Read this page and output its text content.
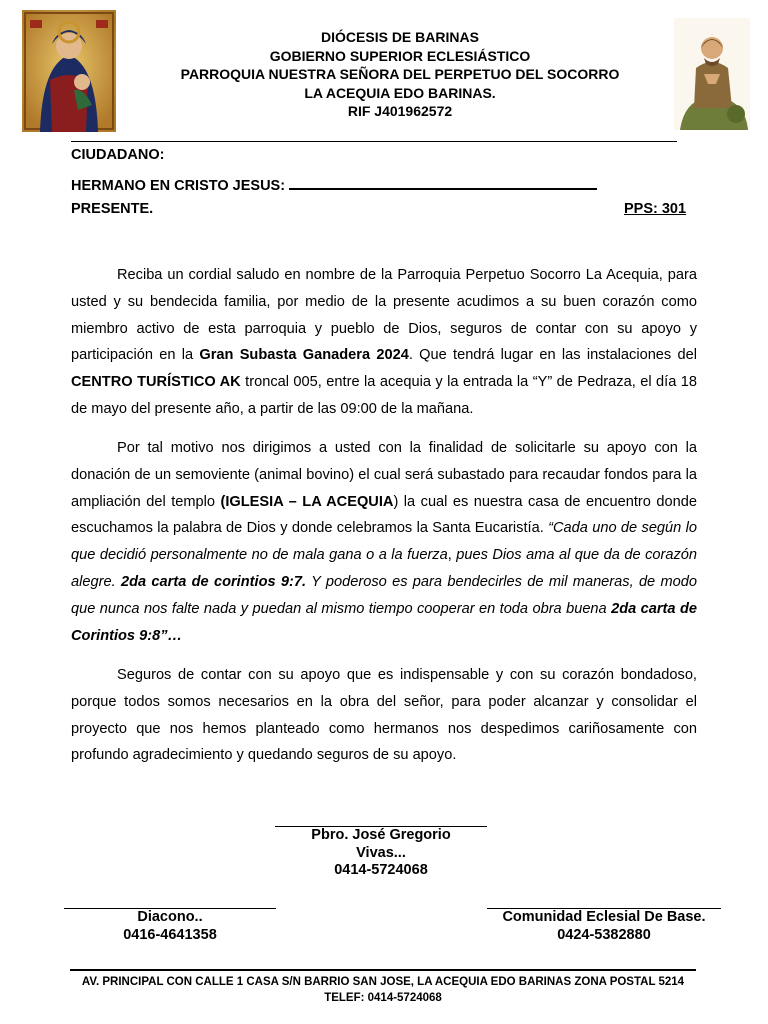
DIÓCESIS DE BARINAS
GOBIERNO SUPERIOR ECLESIÁSTICO
PARROQUIA NUESTRA SEÑORA DEL PERPETUO DEL SOCORRO
LA ACEQUIA EDO BARINAS.
RIF J401962572
CIUDADANO:
HERMANO EN CRISTO JESUS:
PRESENTE.	PPS: 301
Reciba un cordial saludo en nombre de la Parroquia Perpetuo Socorro La Acequia, para usted y su bendecida familia, por medio de la presente acudimos a su buen corazón como miembro activo de esta parroquia y pueblo de Dios, seguros de contar con su apoyo y participación en la Gran Subasta Ganadera 2024. Que tendrá lugar en las instalaciones del CENTRO TURÍSTICO AK troncal 005, entre la acequia y la entrada la “Y” de Pedraza, el día 18 de mayo del presente año, a partir de las 09:00 de la mañana.
Por tal motivo nos dirigimos a usted con la finalidad de solicitarle su apoyo con la donación de un semoviente (animal bovino) el cual será subastado para recaudar fondos para la ampliación del templo (IGLESIA – LA ACEQUIA) la cual es nuestra casa de encuentro donde escuchamos la palabra de Dios y donde celebramos la Santa Eucaristía. “Cada uno de según lo que decidió personalmente no de mala gana o a la fuerza, pues Dios ama al que da de corazón alegre. 2da carta de corintios 9:7. Y poderoso es para bendecirles de mil maneras, de modo que nunca nos falte nada y puedan al mismo tiempo cooperar en toda obra buena 2da carta de Corintios 9:8”…
Seguros de contar con su apoyo que es indispensable y con su corazón bondadoso, porque todos somos necesarios en la obra del señor, para poder alcanzar y consolidar el proyecto que nos hemos planteado como hermanos nos despedimos cariñosamente con profundo agradecimiento y quedando seguros de su apoyo.
Pbro. José Gregorio
Vivas...
0414-5724068
Diacono..
0416-4641358
Comunidad Eclesial De Base.
0424-5382880
AV. PRINCIPAL CON CALLE 1 CASA S/N BARRIO SAN JOSE, LA ACEQUIA EDO BARINAS ZONA POSTAL 5214
TELEF: 0414-5724068
